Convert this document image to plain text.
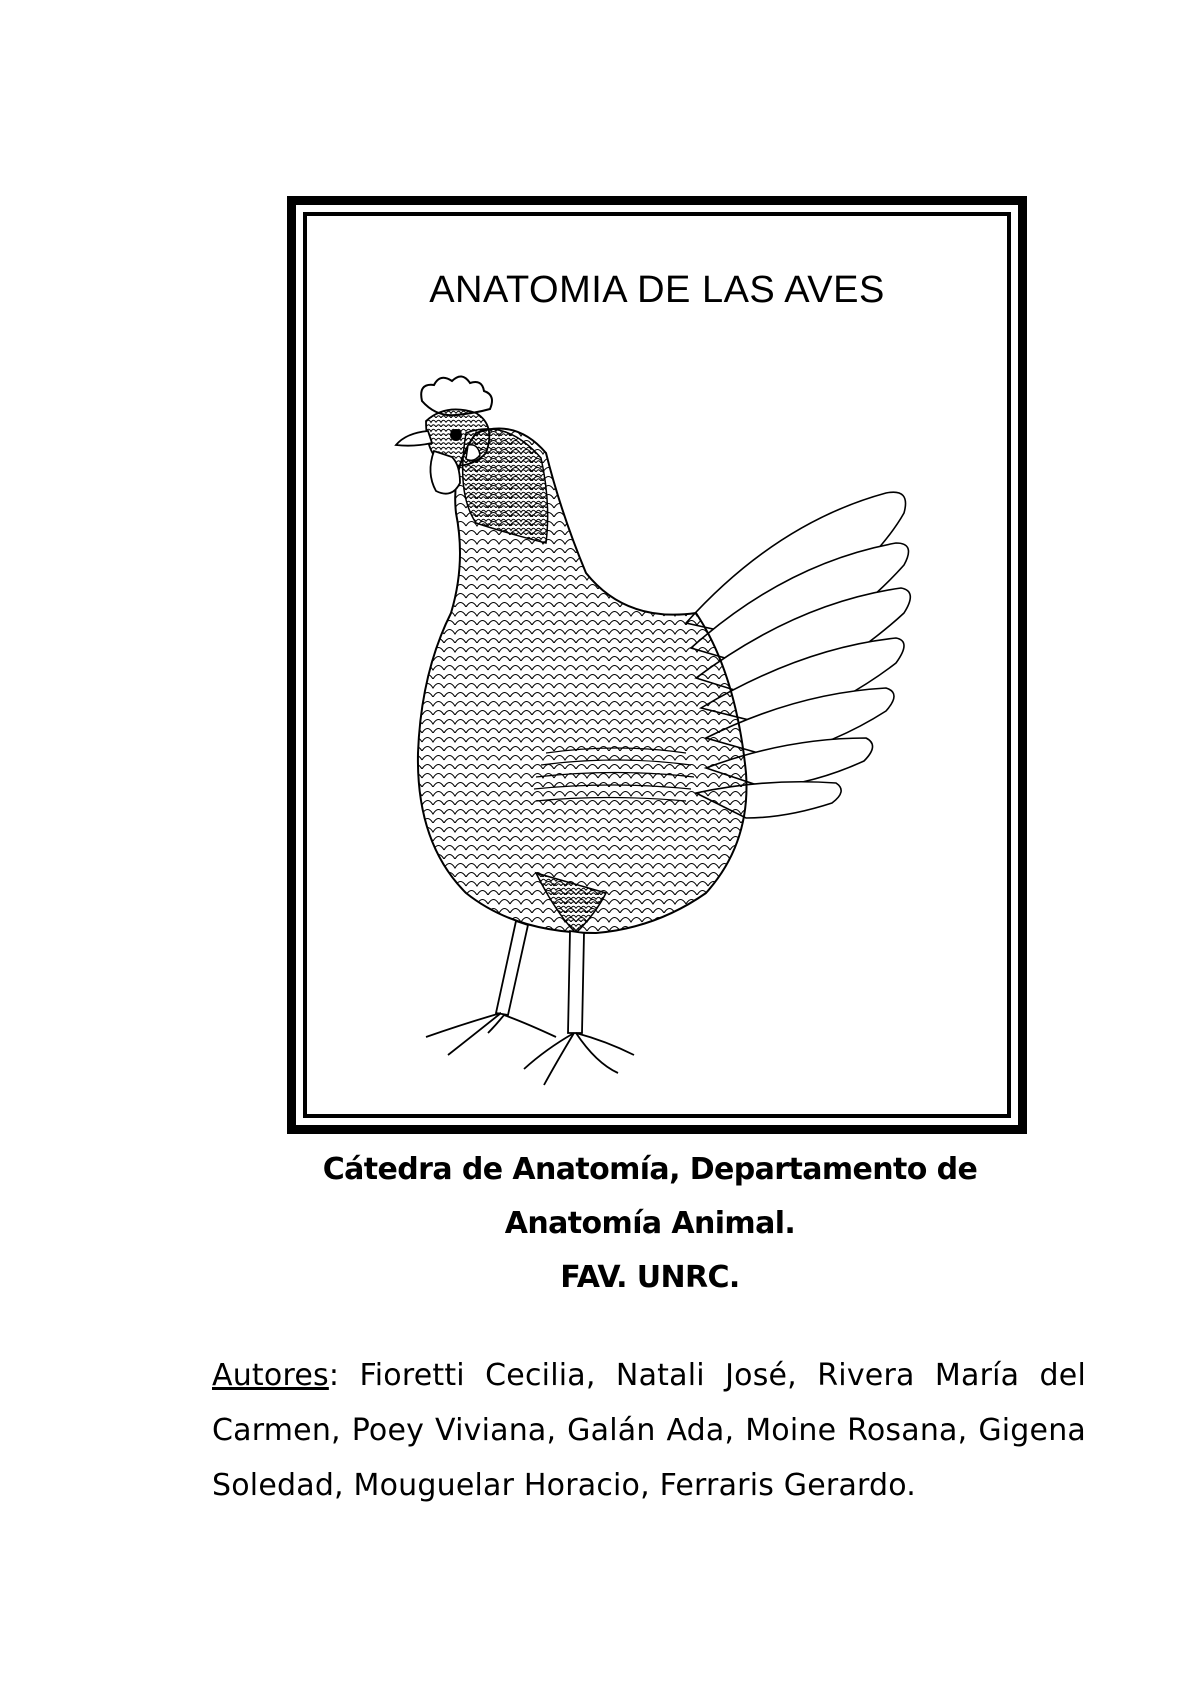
ANATOMIA DE LAS AVES
Cátedra de Anatomía, Departamento de
Anatomía Animal.
FAV. UNRC.
Autores: Fioretti Cecilia, Natali José, Rivera María del Carmen, Poey Viviana, Galán Ada, Moine Rosana, Gigena Soledad, Mouguelar Horacio, Ferraris Gerardo.
